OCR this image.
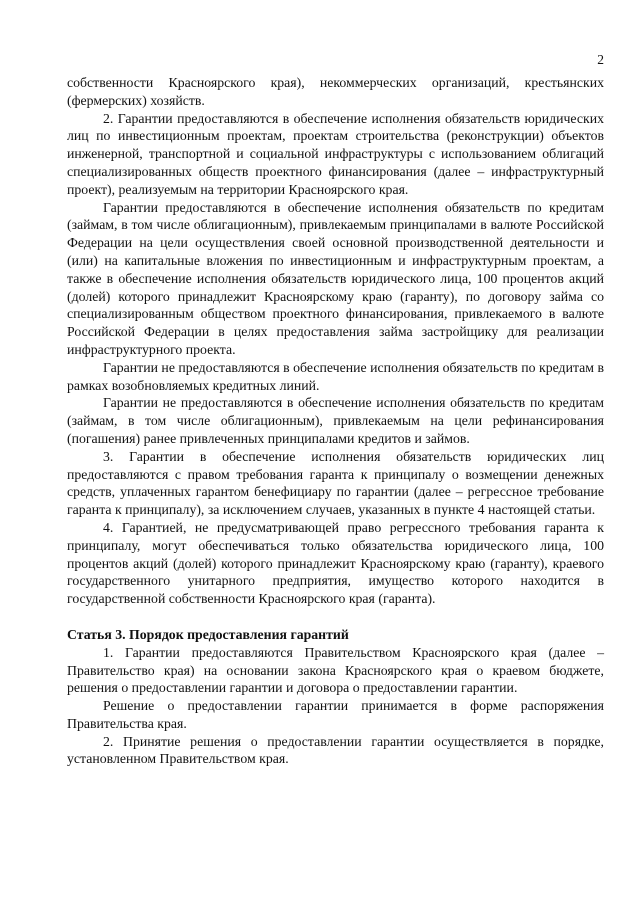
2

собственности Красноярского края), некоммерческих организаций, крестьянских (фермерских) хозяйств.

2. Гарантии предоставляются в обеспечение исполнения обязательств юридических лиц по инвестиционным проектам, проектам строительства (реконструкции) объектов инженерной, транспортной и социальной инфраструктуры с использованием облигаций специализированных обществ проектного финансирования (далее – инфраструктурный проект), реализуемым на территории Красноярского края.

Гарантии предоставляются в обеспечение исполнения обязательств по кредитам (займам, в том числе облигационным), привлекаемым принципалами в валюте Российской Федерации на цели осуществления своей основной производственной деятельности и (или) на капитальные вложения по инвестиционным и инфраструктурным проектам, а также в обеспечение исполнения обязательств юридического лица, 100 процентов акций (долей) которого принадлежит Красноярскому краю (гаранту), по договору займа со специализированным обществом проектного финансирования, привлекаемого в валюте Российской Федерации в целях предоставления займа застройщику для реализации инфраструктурного проекта.

Гарантии не предоставляются в обеспечение исполнения обязательств по кредитам в рамках возобновляемых кредитных линий.

Гарантии не предоставляются в обеспечение исполнения обязательств по кредитам (займам, в том числе облигационным), привлекаемым на цели рефинансирования (погашения) ранее привлеченных принципалами кредитов и займов.

3. Гарантии в обеспечение исполнения обязательств юридических лиц предоставляются с правом требования гаранта к принципалу о возмещении денежных средств, уплаченных гарантом бенефициару по гарантии (далее – регрессное требование гаранта к принципалу), за исключением случаев, указанных в пункте 4 настоящей статьи.

4. Гарантией, не предусматривающей право регрессного требования гаранта к принципалу, могут обеспечиваться только обязательства юридического лица, 100 процентов акций (долей) которого принадлежит Красноярскому краю (гаранту), краевого государственного унитарного предприятия, имущество которого находится в государственной собственности Красноярского края (гаранта).

Статья 3. Порядок предоставления гарантий

1. Гарантии предоставляются Правительством Красноярского края (далее – Правительство края) на основании закона Красноярского края о краевом бюджете, решения о предоставлении гарантии и договора о предоставлении гарантии.

Решение о предоставлении гарантии принимается в форме распоряжения Правительства края.

2. Принятие решения о предоставлении гарантии осуществляется в порядке, установленном Правительством края.
